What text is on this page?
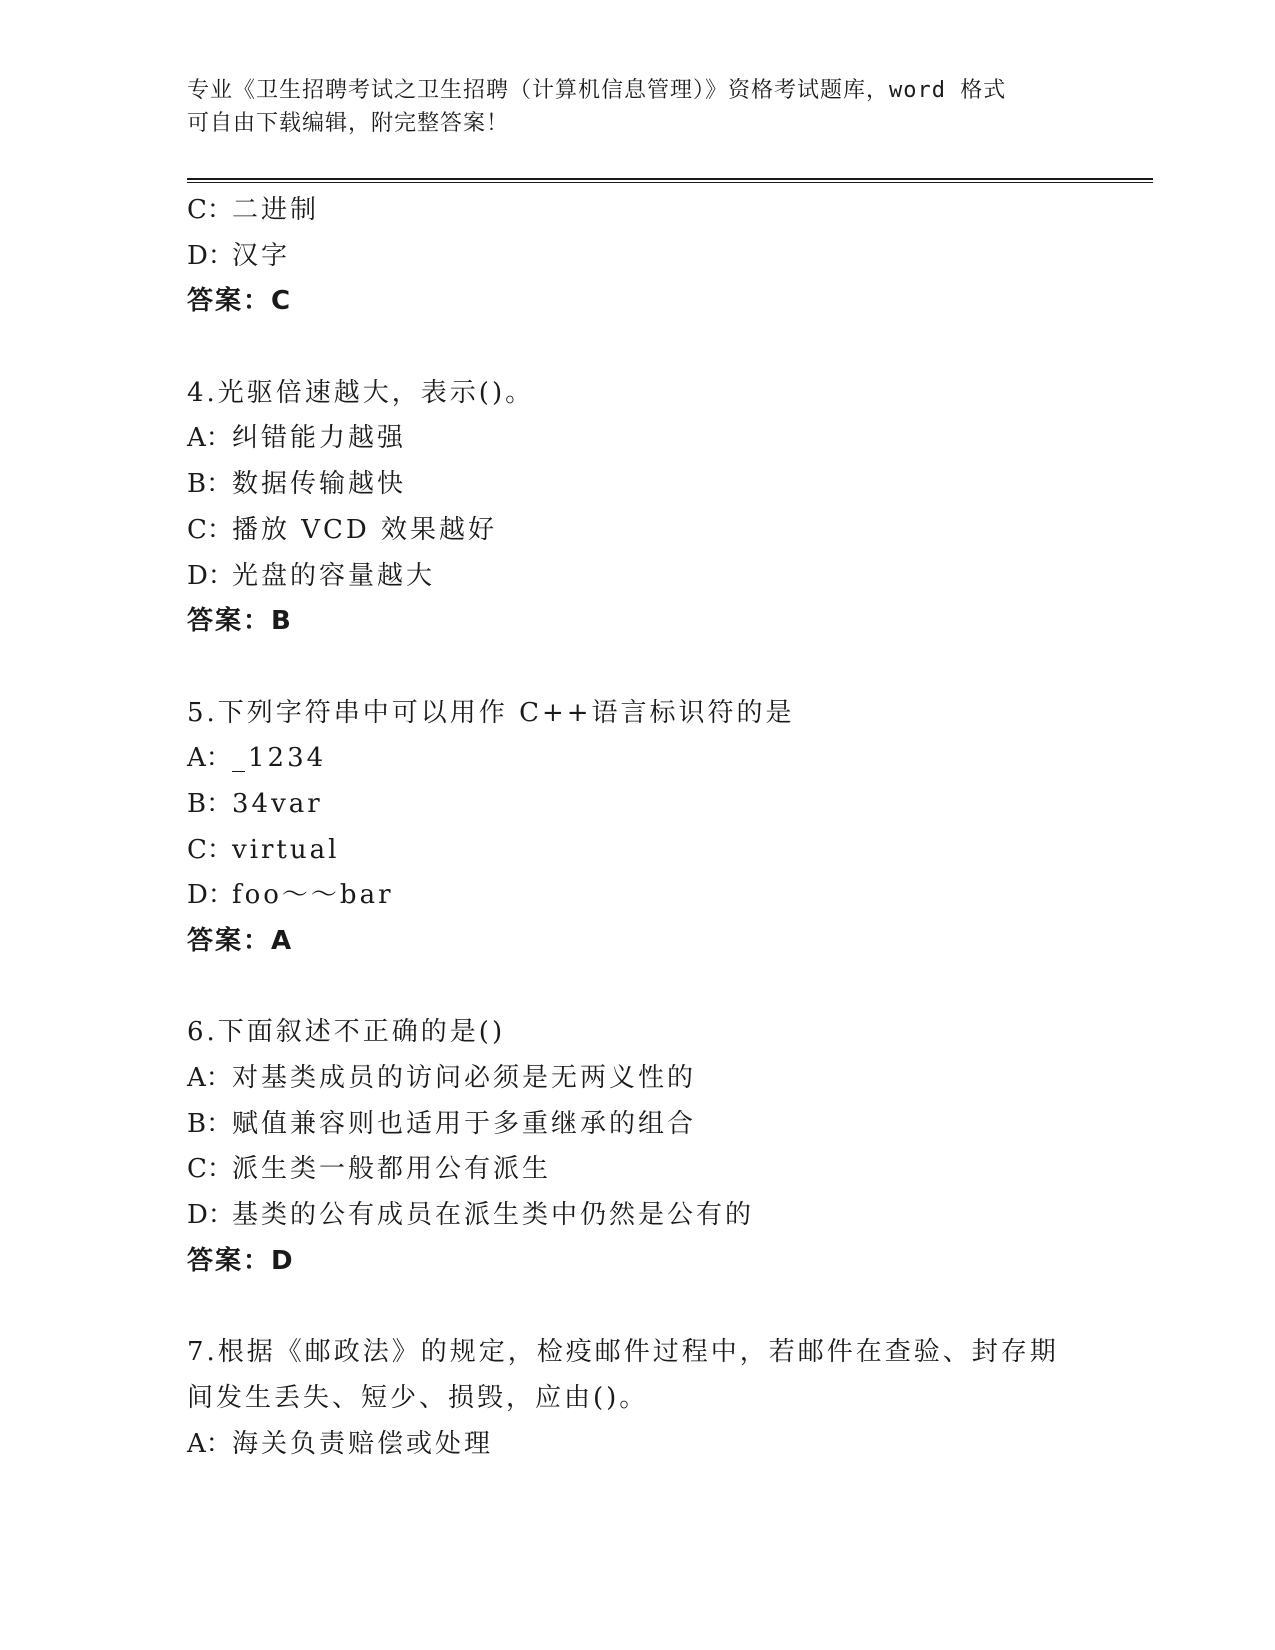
专业《卫生招聘考试之卫生招聘（计算机信息管理）》资格考试题库，word 格式
可自由下载编辑，附完整答案！
C：二进制
D：汉字
答案：C
4.光驱倍速越大，表示()。
A：纠错能力越强
B：数据传输越快
C：播放 VCD 效果越好
D：光盘的容量越大
答案：B
5.下列字符串中可以用作 C++语言标识符的是
A：_1234
B：34var
C：virtual
D：foo～～bar
答案：A
6.下面叙述不正确的是()
A：对基类成员的访问必须是无两义性的
B：赋值兼容则也适用于多重继承的组合
C：派生类一般都用公有派生
D：基类的公有成员在派生类中仍然是公有的
答案：D
7.根据《邮政法》的规定，检疫邮件过程中，若邮件在查验、封存期
间发生丢失、短少、损毁，应由()。
A：海关负责赔偿或处理
